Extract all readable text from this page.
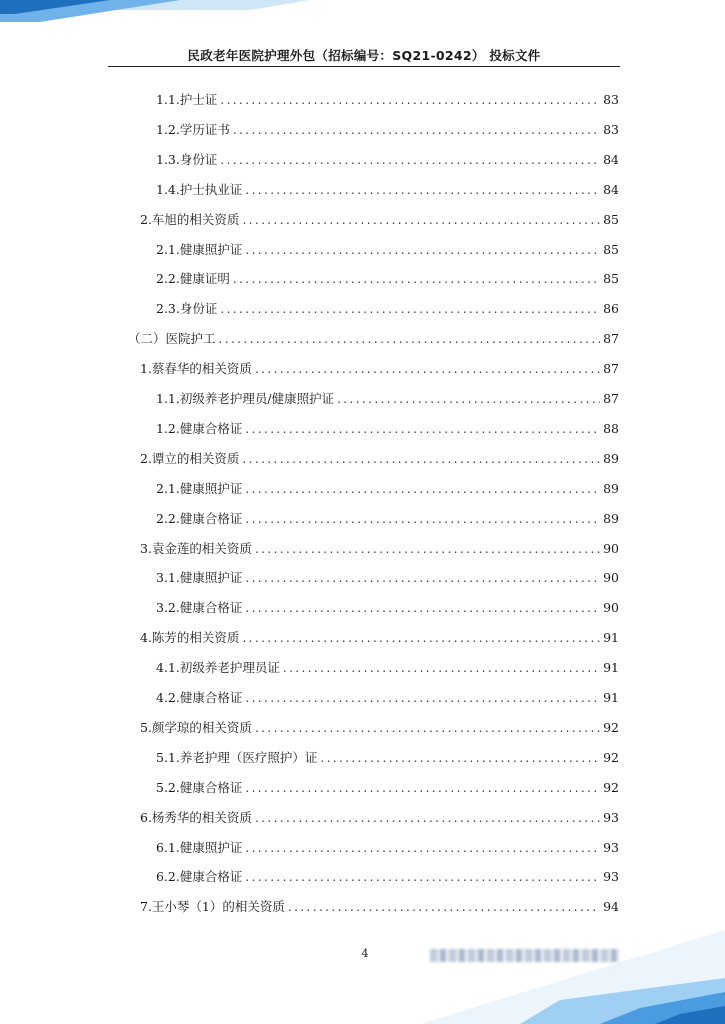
民政老年医院护理外包（招标编号：SQ21-0242） 投标文件
1.1.护士证 .....	83
1.2.学历证书 .....	83
1.3.身份证 .....	84
1.4.护士执业证 .....	84
2.车旭的相关资质 .....	85
2.1.健康照护证 .....	85
2.2.健康证明 .....	85
2.3.身份证 .....	86
（二）医院护工 .....	87
1.蔡春华的相关资质 .....	87
1.1.初级养老护理员/健康照护证 .....	87
1.2.健康合格证 .....	88
2.谭立的相关资质 .....	89
2.1.健康照护证 .....	89
2.2.健康合格证 .....	89
3.袁金莲的相关资质 .....	90
3.1.健康照护证 .....	90
3.2.健康合格证 .....	90
4.陈芳的相关资质 .....	91
4.1.初级养老护理员证 .....	91
4.2.健康合格证 .....	91
5.颜学琼的相关资质 .....	92
5.1.养老护理（医疗照护）证 .....	92
5.2.健康合格证 .....	92
6.杨秀华的相关资质 .....	93
6.1.健康照护证 .....	93
6.2.健康合格证 .....	93
7.王小琴（1）的相关资质 .....	94
4
